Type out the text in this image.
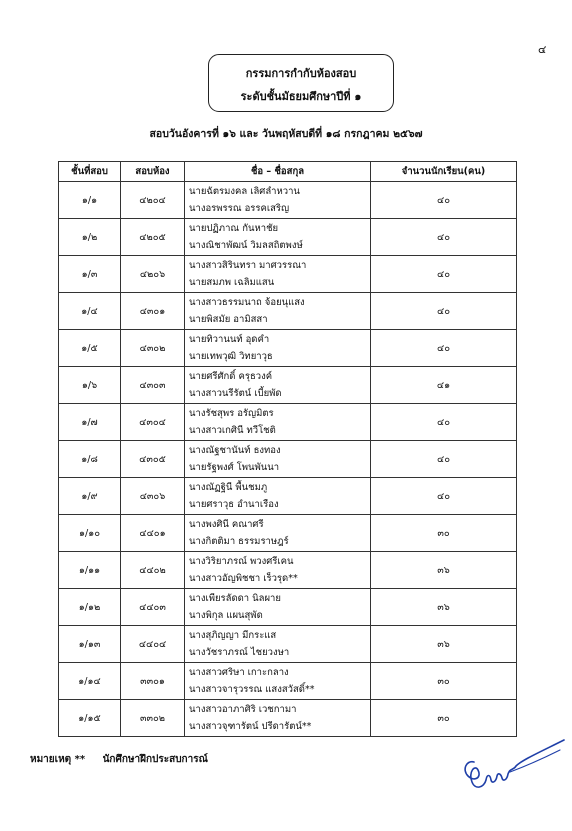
๔
กรรมการกำกับห้องสอบ
ระดับชั้นมัธยมศึกษาปีที่ ๑
สอบวันอังคารที่ ๑๖ และ วันพฤหัสบดีที่ ๑๘ กรกฎาคม ๒๕๖๗
ชั้นที่สอบ	สอบห้อง	ชื่อ – ชื่อสกุล	จำนวนนักเรียน(คน)
๑/๑	๔๒๐๔	นายฉัตรมงคล เลิศลำหวาน
นางอรพรรณ อรรคเสริญ	๔๐
๑/๒	๔๒๐๕	นายปฏิภาณ กันหาชัย
นางณิชาพัฒน์ วิมลสถิตพงษ์	๔๐
๑/๓	๔๒๐๖	นางสาวสิรินทรา มาศวรรณา
นายสมภพ เฉลิมแสน	๔๐
๑/๔	๔๓๐๑	นางสาวธรรมนาถ จ้อยนุแสง
นายพิสมัย อามิสสา	๔๐
๑/๕	๔๓๐๒	นายทิวานนท์ อุดคำ
นายเทพวุฒิ วิทยาวุธ	๔๐
๑/๖	๔๓๐๓	นายศรีศักดิ์ ครุธวงค์
นางสาวนรีรัตน์ เบี้ยพัด	๔๑
๑/๗	๔๓๐๔	นางรัชสุพร อรัญมิตร
นางสาวเกศินี ทวีโชติ	๔๐
๑/๘	๔๓๐๕	นางณัฐชานันท์ ธงทอง
นายรัฐพงศ์ โพนพันนา	๔๐
๑/๙	๔๓๐๖	นางณัฏฐินี พื้นชมภู
นายศราวุธ อำนาเรือง	๔๐
๑/๑๐	๔๔๐๑	นางพงศินี คณาศรี
นางกิตติมา ธรรมราษฎร์	๓๐
๑/๑๑	๔๔๐๒	นางวิริยาภรณ์ พวงศรีเคน
นางสาวอัญพิชชา เร็วรุด**	๓๖
๑/๑๒	๔๔๐๓	นางเพียรลัดดา นิลผาย
นางพิกุล แผนสุพัด	๓๖
๑/๑๓	๔๔๐๔	นางสุภิญญา มีกระแส
นางวัชราภรณ์ ไชยวงษา	๓๖
๑/๑๔	๓๓๐๑	นางสาวศริษา เกาะกลาง
นางสาวจารุวรรณ แสงสวัสดิ์**	๓๐
๑/๑๕	๓๓๐๒	นางสาวอาภาศิริ เวชกามา
นางสาวจุฑารัตน์ ปรีดารัตน์**	๓๐
หมายเหตุ ** นักศึกษาฝึกประสบการณ์
